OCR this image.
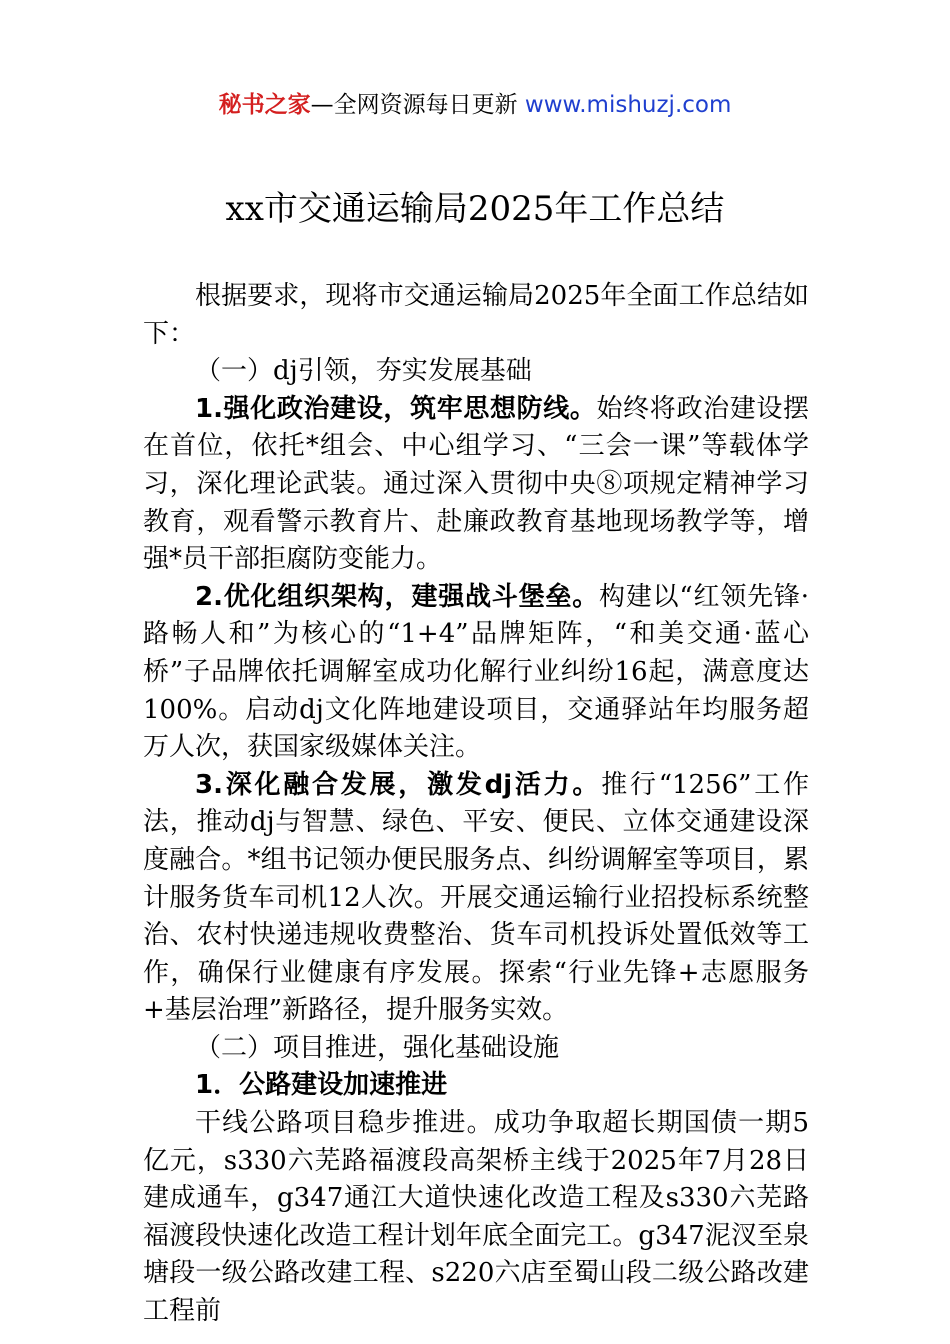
秘书之家—全网资源每日更新 www.mishuzj.com
xx市交通运输局2025年工作总结

根据要求，现将市交通运输局2025年全面工作总结如下：

（一）dj引领，夯实发展基础

1.强化政治建设，筑牢思想防线。始终将政治建设摆在首位，依托*组会、中心组学习、“三会一课”等载体学习，深化理论武装。通过深入贯彻中央⑧项规定精神学习教育，观看警示教育片、赴廉政教育基地现场教学等，增强*员干部拒腐防变能力。

2.优化组织架构，建强战斗堡垒。构建以“红领先锋·路畅人和”为核心的“1+4”品牌矩阵，“和美交通·蓝心桥”子品牌依托调解室成功化解行业纠纷16起，满意度达100%。启动dj文化阵地建设项目，交通驿站年均服务超万人次，获国家级媒体关注。

3.深化融合发展，激发dj活力。推行“1256”工作法，推动dj与智慧、绿色、平安、便民、立体交通建设深度融合。*组书记领办便民服务点、纠纷调解室等项目，累计服务货车司机12人次。开展交通运输行业招投标系统整治、农村快递违规收费整治、货车司机投诉处置低效等工作，确保行业健康有序发展。探索“行业先锋+志愿服务+基层治理”新路径，提升服务实效。

（二）项目推进，强化基础设施

1．公路建设加速推进

干线公路项目稳步推进。成功争取超长期国债一期5亿元，s330六芜路福渡段高架桥主线于2025年7月28日建成通车，g347通江大道快速化改造工程及s330六芜路福渡段快速化改造工程计划年底全面完工。g347泥汊至泉塘段一级公路改建工程、s220六店至蜀山段二级公路改建工程前
